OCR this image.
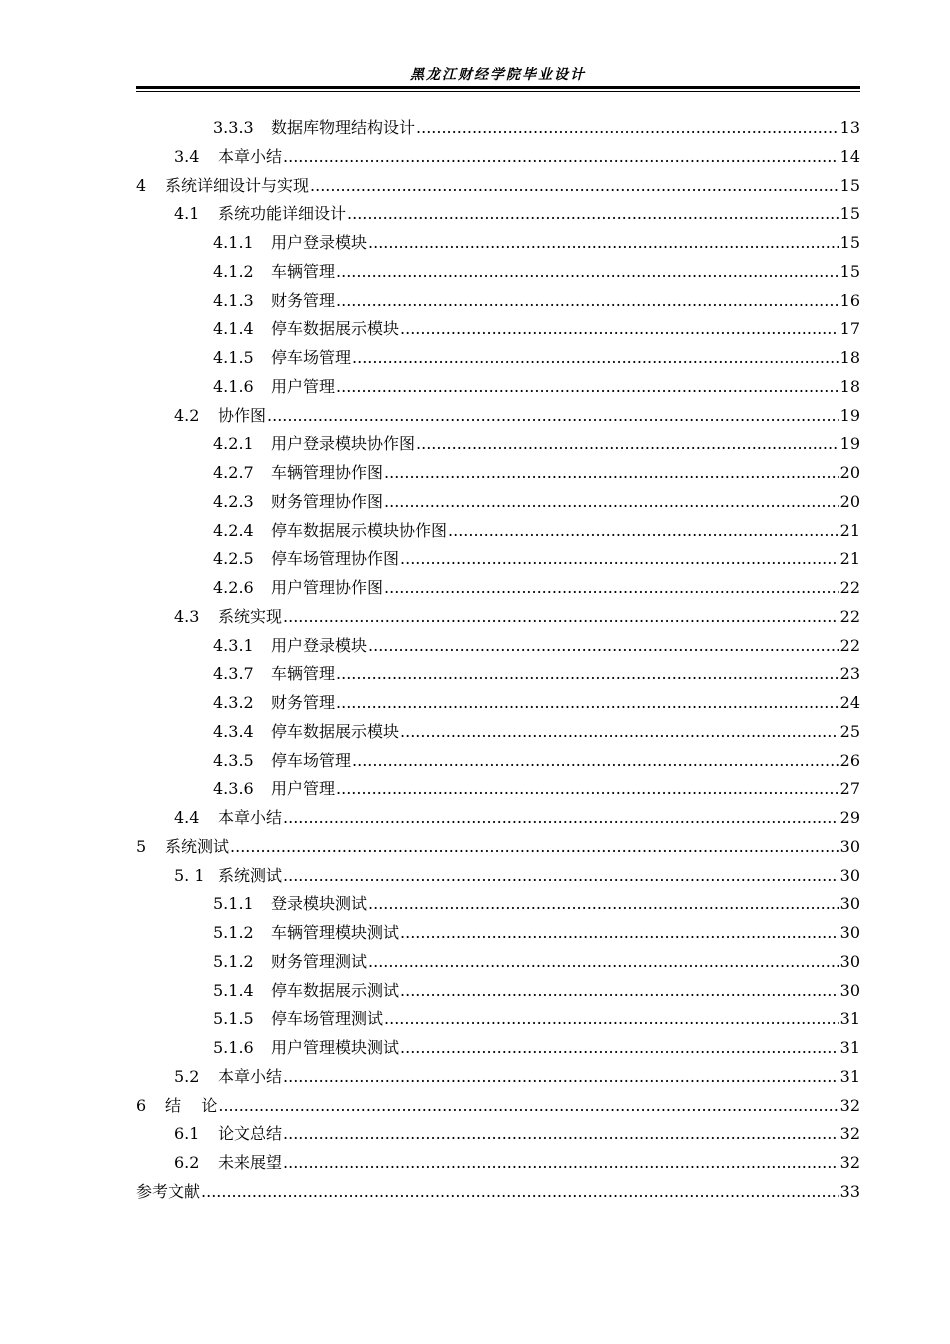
黑龙江财经学院毕业设计
3.3.3	数据库物理结构设计 .....	13
3.4	本章小结 .....	14
4	系统详细设计与实现 .....	15
4.1	系统功能详细设计 .....	15
4.1.1	用户登录模块 .....	15
4.1.2	车辆管理 .....	15
4.1.3	财务管理 .....	16
4.1.4	停车数据展示模块 .....	17
4.1.5	停车场管理 .....	18
4.1.6	用户管理 .....	18
4.2	协作图 .....	19
4.2.1	用户登录模块协作图 .....	19
4.2.7	车辆管理协作图 .....	20
4.2.3	财务管理协作图 .....	20
4.2.4	停车数据展示模块协作图 .....	21
4.2.5	停车场管理协作图 .....	21
4.2.6	用户管理协作图 .....	22
4.3	系统实现 .....	22
4.3.1	用户登录模块 .....	22
4.3.7	车辆管理 .....	23
4.3.2	财务管理 .....	24
4.3.4	停车数据展示模块 .....	25
4.3.5	停车场管理 .....	26
4.3.6	用户管理 .....	27
4.4	本章小结 .....	29
5	系统测试 .....	30
5. 1 系统测试 .....	30
5.1.1	登录模块测试 .....	30
5.1.2	车辆管理模块测试 .....	30
5.1.2	财务管理测试 .....	30
5.1.4	停车数据展示测试 .....	30
5.1.5	停车场管理测试 .....	31
5.1.6	用户管理模块测试 .....	31
5.2	本章小结 .....	31
6	结    论 .....	32
6.1	论文总结 .....	32
6.2	未来展望 .....	32
参考文献 .....	33
